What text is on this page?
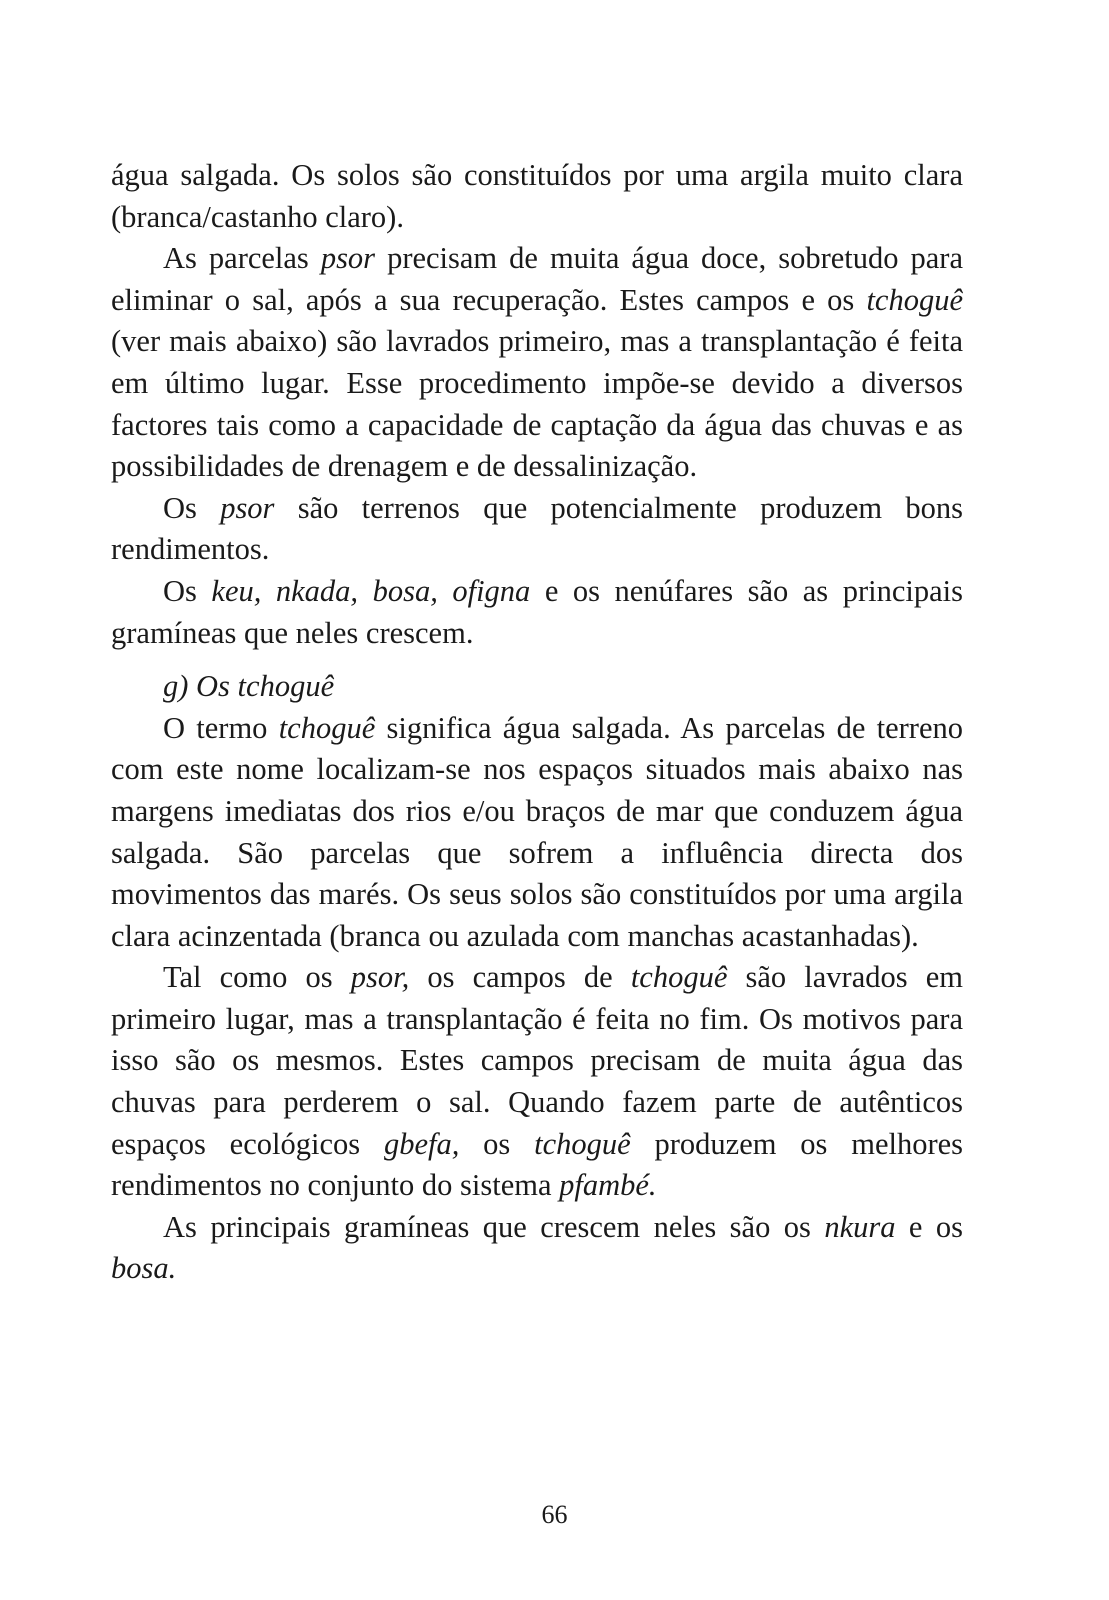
água salgada. Os solos são constituídos por uma argila muito clara (branca/castanho claro).

As parcelas psor precisam de muita água doce, sobretudo para eliminar o sal, após a sua recuperação. Estes campos e os tchoguê (ver mais abaixo) são lavrados primeiro, mas a transplantação é feita em último lugar. Esse procedimento impõe-se devido a diversos factores tais como a capacidade de captação da água das chuvas e as possibilidades de drenagem e de dessalinização.

Os psor são terrenos que potencialmente produzem bons rendimentos.

Os keu, nkada, bosa, ofigna e os nenúfares são as principais gramíneas que neles crescem.

g) Os tchoguê

O termo tchoguê significa água salgada. As parcelas de terreno com este nome localizam-se nos espaços situados mais abaixo nas margens imediatas dos rios e/ou braços de mar que conduzem água salgada. São parcelas que sofrem a influência directa dos movimentos das marés. Os seus solos são constituídos por uma argila clara acinzentada (branca ou azulada com manchas acastanhadas).

Tal como os psor, os campos de tchoguê são lavrados em primeiro lugar, mas a transplantação é feita no fim. Os motivos para isso são os mesmos. Estes campos precisam de muita água das chuvas para perderem o sal. Quando fazem parte de autênticos espaços ecológicos gbefa, os tchoguê produzem os melhores rendimentos no conjunto do sistema pfambé.

As principais gramíneas que crescem neles são os nkura e os bosa.

66
